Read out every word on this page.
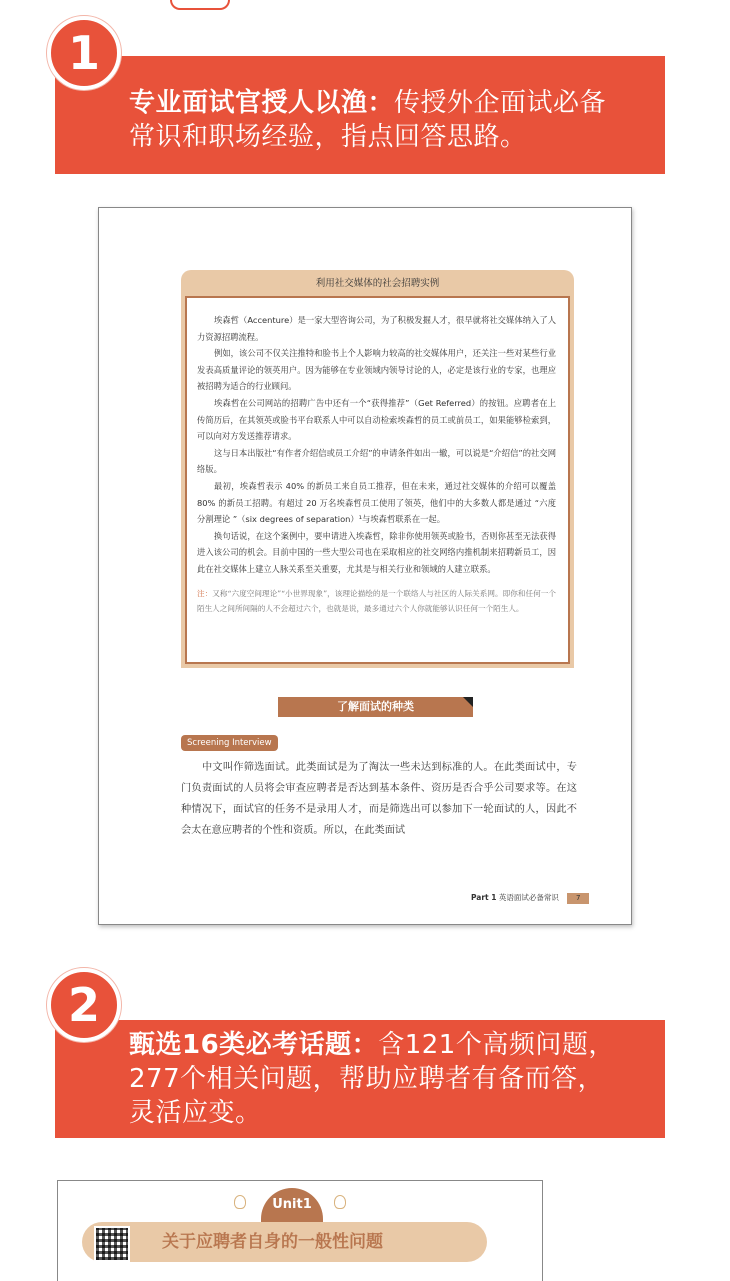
1
专业面试官授人以渔：传授外企面试必备
常识和职场经验，指点回答思路。
利用社交媒体的社会招聘实例

埃森哲（Accenture）是一家大型咨询公司，为了积极发掘人才，很早就将社交媒体纳入了人力资源招聘流程。

例如，该公司不仅关注推特和脸书上个人影响力较高的社交媒体用户，还关注一些对某些行业发表高质量评论的领英用户。因为能够在专业领域内领导讨论的人，必定是该行业的专家，也理应被招聘为适合的行业顾问。

埃森哲在公司网站的招聘广告中还有一个“获得推荐”（Get Referred）的按钮。应聘者在上传简历后，在其领英或脸书平台联系人中可以自动检索埃森哲的员工或前员工，如果能够检索到，可以向对方发送推荐请求。

这与日本出版社“有作者介绍信或员工介绍”的申请条件如出一辙，可以说是“介绍信”的社交网络版。

最初，埃森哲表示 40% 的新员工来自员工推荐，但在未来，通过社交媒体的介绍可以覆盖 80% 的新员工招聘。有超过 20 万名埃森哲员工使用了领英，他们中的大多数人都是通过 “六度分割理论 ”（six degrees of separation）¹与埃森哲联系在一起。

换句话说，在这个案例中，要申请进入埃森哲，除非你使用领英或脸书，否则你甚至无法获得进入该公司的机会。目前中国的一些大型公司也在采取相应的社交网络内推机制来招聘新员工，因此在社交媒体上建立人脉关系至关重要，尤其是与相关行业和领域的人建立联系。

注：又称“六度空间理论”“小世界现象”，该理论描绘的是一个联络人与社区的人际关系网。即你和任何一个陌生人之间所间隔的人不会超过六个，也就是说，最多通过六个人你就能够认识任何一个陌生人。

了解面试的种类
Screening Interview

中文叫作筛选面试。此类面试是为了淘汰一些未达到标准的人。在此类面试中，专门负责面试的人员将会审查应聘者是否达到基本条件、资历是否合乎公司要求等。在这种情况下，面试官的任务不是录用人才，而是筛选出可以参加下一轮面试的人，因此不会太在意应聘者的个性和资质。所以，在此类面试

Part 1 英语面试必备常识 7
2
甄选16类必考话题：含121个高频问题，
277个相关问题，帮助应聘者有备而答，
灵活应变。
Unit1
关于应聘者自身的一般性问题
